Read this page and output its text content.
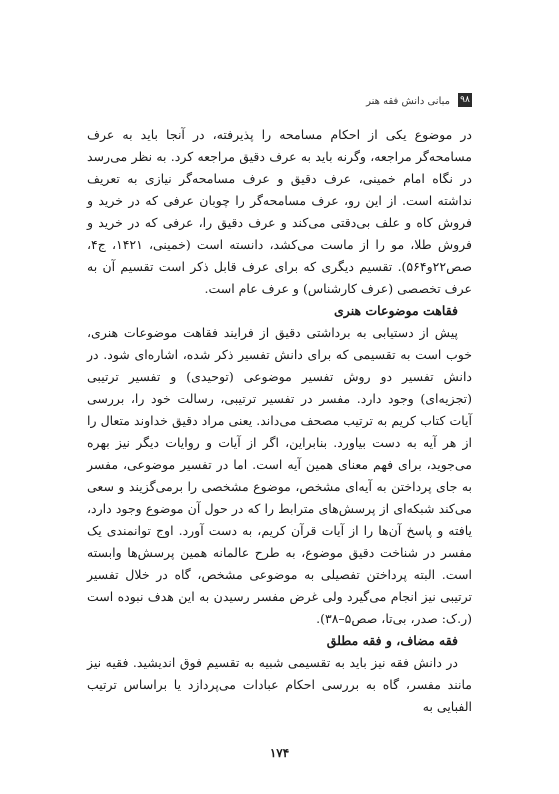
۹۸
مبانی دانش فقه هنر

در موضوع یکی از احکام مسامحه را پذیرفته، در آنجا باید به عرف مسامحه‌گر مراجعه، وگرنه باید به عرف دقیق مراجعه کرد. به نظر می‌رسد در نگاه امام خمینی، عرف دقیق و عرف مسامحه‌گر نیازی به تعریف نداشته است. از این رو، عرف مسامحه‌گر را چوبان عرفی که در خرید و فروش کاه و علف بی‌دقتی می‌کند و عرف دقیق را، عرفی که در خرید و فروش طلا، مو را از ماست می‌کشد، دانسته است (خمینی، ۱۴۲۱، ج۴، صص۲۲و۵۶۴). تقسیم دیگری که برای عرف قابل ذکر است تقسیم آن به عرف تخصصی (عرف کارشناس) و عرف عام است.

فقاهت موضوعات هنری

پیش از دستیابی به برداشتی دقیق از فرایند فقاهت موضوعات هنری، خوب است به تقسیمی که برای دانش تفسیر ذکر شده، اشاره‌ای شود. در دانش تفسیر دو روش تفسیر موضوعی (توحیدی) و تفسیر ترتیبی (تجزیه‌ای) وجود دارد. مفسر در تفسیر ترتیبی، رسالت خود را، بررسی آیات کتاب کریم به ترتیب مصحف می‌داند. یعنی مراد دقیق خداوند متعال را از هر آیه به دست بیاورد. بنابراین، اگر از آیات و روایات دیگر نیز بهره می‌جوید، برای فهم معنای همین آیه است. اما در تفسیر موضوعی، مفسر به جای پرداختن به آیه‌ای مشخص، موضوع مشخصی را برمی‌گزیند و سعی می‌کند شبکه‌ای از پرسش‌های مترابط را که در حول آن موضوع وجود دارد، یافته و پاسخ آن‌ها را از آیات قرآن کریم، به دست آورد. اوج توانمندی یک مفسر در شناخت دقیق موضوع، به طرح عالمانه همین پرسش‌ها وابسته است. البته پرداختن تفصیلی به موضوعی مشخص، گاه در خلال تفسیر ترتیبی نیز انجام می‌گیرد ولی غرض مفسر رسیدن به این هدف نبوده است (ر.ک: صدر، بی‌تا، صص۵–۳۸).

فقه مضاف، و فقه مطلق

در دانش فقه نیز باید به تقسیمی شبیه به تقسیم فوق اندیشید. فقیه نیز مانند مفسر، گاه به بررسی احکام عبادات می‌پردازد یا براساس ترتیب الفبایی به

۱۷۴
